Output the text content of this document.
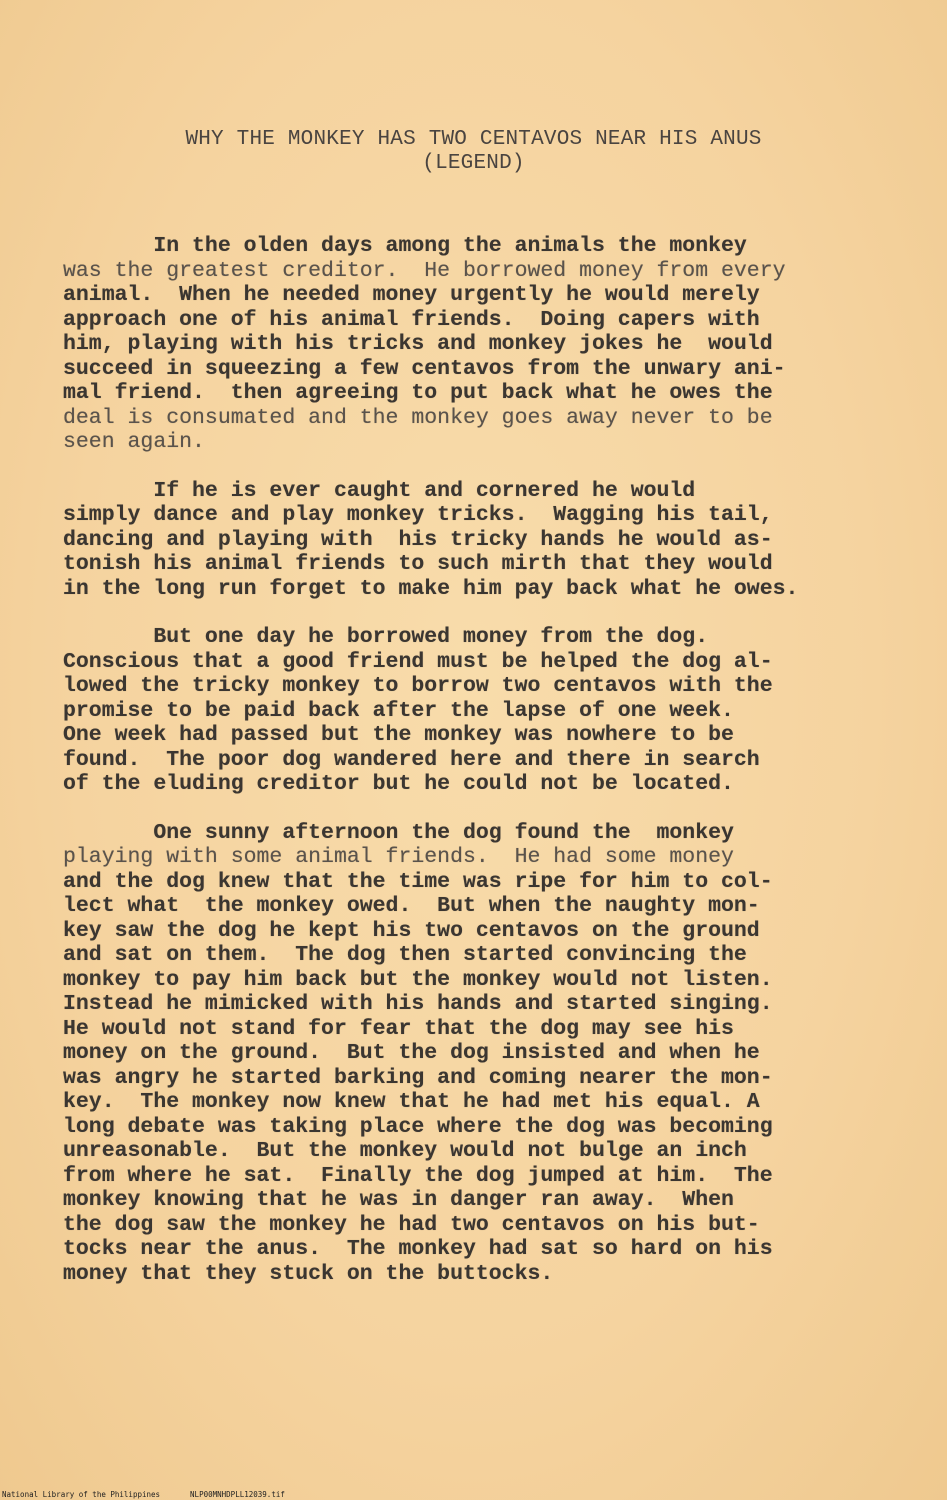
WHY THE MONKEY HAS TWO CENTAVOS NEAR HIS ANUS
(LEGEND)
In the olden days among the animals the monkey
was the greatest creditor.  He borrowed money from every
animal.  When he needed money urgently he would merely
approach one of his animal friends.  Doing capers with
him, playing with his tricks and monkey jokes he  would
succeed in squeezing a few centavos from the unwary ani-
mal friend.  then agreeing to put back what he owes the
deal is consumated and the monkey goes away never to be
seen again.
If he is ever caught and cornered he would
simply dance and play monkey tricks.  Wagging his tail,
dancing and playing with  his tricky hands he would as-
tonish his animal friends to such mirth that they would
in the long run forget to make him pay back what he owes.
But one day he borrowed money from the dog.
Conscious that a good friend must be helped the dog al-
lowed the tricky monkey to borrow two centavos with the
promise to be paid back after the lapse of one week.
One week had passed but the monkey was nowhere to be
found.  The poor dog wandered here and there in search
of the eluding creditor but he could not be located.
One sunny afternoon the dog found the  monkey
playing with some animal friends.  He had some money
and the dog knew that the time was ripe for him to col-
lect what  the monkey owed.  But when the naughty mon-
key saw the dog he kept his two centavos on the ground
and sat on them.  The dog then started convincing the
monkey to pay him back but the monkey would not listen.
Instead he mimicked with his hands and started singing.
He would not stand for fear that the dog may see his
money on the ground.  But the dog insisted and when he
was angry he started barking and coming nearer the mon-
key.  The monkey now knew that he had met his equal. A
long debate was taking place where the dog was becoming
unreasonable.  But the monkey would not bulge an inch
from where he sat.  Finally the dog jumped at him.  The
monkey knowing that he was in danger ran away.  When
the dog saw the monkey he had two centavos on his but-
tocks near the anus.  The monkey had sat so hard on his
money that they stuck on the buttocks.
National Library of the Philippines	NLP00MNHDPLL12039.tif
